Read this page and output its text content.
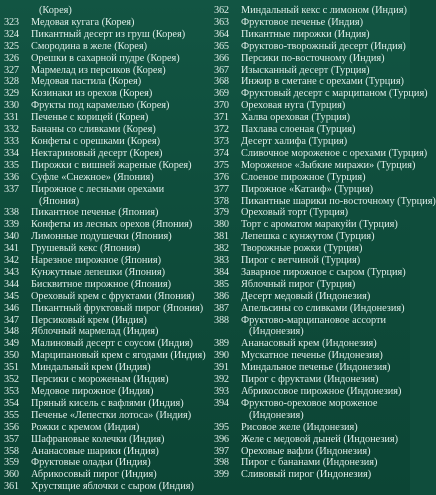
(Корея)
323	Медовая кугага (Корея)
324	Пикантный десерт из груш (Корея)
325	Смородина в желе (Корея)
326	Орешки в сахарной пудре (Корея)
327	Мармелад из персиков (Корея)
328	Медовая пастила (Корея)
329	Козинаки из орехов (Корея)
330	Фрукты под карамелью (Корея)
331	Печенье с корицей (Корея)
332	Бананы со сливками (Корея)
333	Конфеты с орешками (Корея)
334	Нектариновый десерт (Корея)
335	Пирожки с вишней жареные (Корея)
336	Суфле «Снежное» (Япония)
337	Пирожное с лесными орехами
(Япония)
338	Пикантное печенье (Япония)
339	Конфеты из лесных орехов (Япония)
340	Лимонные подушечки (Япония)
341	Грушевый кекс (Япония)
342	Нарезное пирожное (Япония)
343	Кунжутные лепешки (Япония)
344	Бисквитное пирожное (Япония)
345	Ореховый крем с фруктами (Япония)
346	Пикантный фруктовый пирог (Япония)
347	Персиковый крем (Индия)
348	Яблочный мармелад (Индия)
349	Малиновый десерт с соусом (Индия)
350	Марципановый крем с ягодами (Индия)
351	Миндальный крем (Индия)
352	Персики с мороженым (Индия)
353	Медовое пирожное (Индия)
354	Пряный кисель с вафлями (Индия)
355	Печенье «Лепестки лотоса» (Индия)
356	Рожки с кремом (Индия)
357	Шафрановые колечки (Индия)
358	Ананасовые шарики (Индия)
359	Фруктовые оладьи (Индия)
360	Абрикосовый пирог (Индия)
361	Хрустящие яблочки с сыром (Индия)
362	Миндальный кекс с лимоном (Индия)
363	Фруктовое печенье (Индия)
364	Пикантные пирожки (Индия)
365	Фруктово-творожный десерт (Индия)
366	Персики по-восточному (Индия)
367	Изысканный десерт (Турция)
368	Инжир в сметане с орехами (Турция)
369	Фруктовый десерт с марципаном (Турция)
370	Ореховая нуга (Турция)
371	Халва ореховая (Турция)
372	Пахлава слоеная (Турция)
373	Десерт халифа (Турция)
374	Сливочное мороженое с орехами (Турция)
375	Мороженое «Зыбкие миражи» (Турция)
376	Слоеное пирожное (Турция)
377	Пирожное «Катаиф» (Турция)
378	Пикантные шарики по-восточному (Турция)
379	Ореховый торт (Турция)
380	Торт с ароматом маракуйи (Турция)
381	Лепешка с кунжутом (Турция)
382	Творожные рожки (Турция)
383	Пирог с ветчиной (Турция)
384	Заварное пирожное с сыром (Турция)
385	Яблочный пирог (Турция)
386	Десерт медовый (Индонезия)
387	Апельсины со сливками (Индонезия)
388	Фруктово-марципановое ассорти
(Индонезия)
389	Ананасовый крем (Индонезия)
390	Мускатное печенье (Индонезия)
391	Миндальное печенье (Индонезия)
392	Пирог с фруктами (Индонезия)
393	Абрикосовое пирожное (Индонезия)
394	Фруктово-ореховое мороженое
(Индонезия)
395	Рисовое желе (Индонезия)
396	Желе с медовой дыней (Индонезия)
397	Ореховые вафли (Индонезия)
398	Пирог с бананами (Индонезия)
399	Сливовый пирог (Индонезия)
